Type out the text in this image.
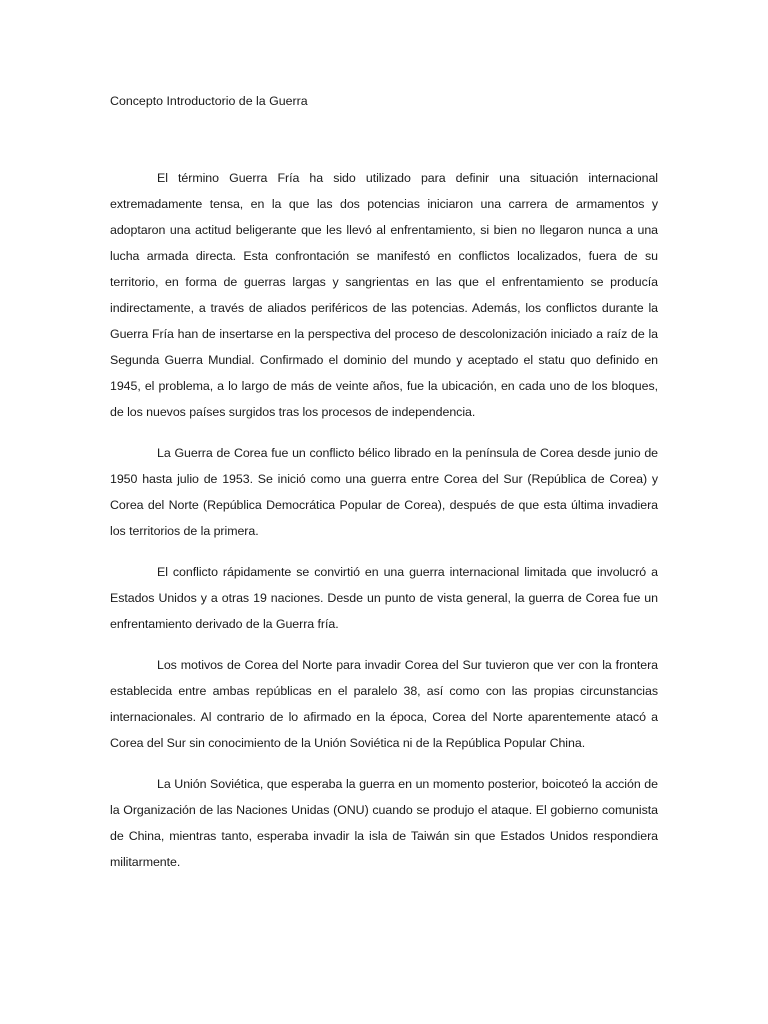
Concepto Introductorio de la Guerra

El término Guerra Fría ha sido utilizado para definir una situación internacional extremadamente tensa, en la que las dos potencias iniciaron una carrera de armamentos y adoptaron una actitud beligerante que les llevó al enfrentamiento, si bien no llegaron nunca a una lucha armada directa. Esta confrontación se manifestó en conflictos localizados, fuera de su territorio, en forma de guerras largas y sangrientas en las que el enfrentamiento se producía indirectamente, a través de aliados periféricos de las potencias. Además, los conflictos durante la Guerra Fría han de insertarse en la perspectiva del proceso de descolonización iniciado a raíz de la Segunda Guerra Mundial. Confirmado el dominio del mundo y aceptado el statu quo definido en 1945, el problema, a lo largo de más de veinte años, fue la ubicación, en cada uno de los bloques, de los nuevos países surgidos tras los procesos de independencia.

La Guerra de Corea fue un conflicto bélico librado en la península de Corea desde junio de 1950 hasta julio de 1953. Se inició como una guerra entre Corea del Sur (República de Corea) y Corea del Norte (República Democrática Popular de Corea), después de que esta última invadiera los territorios de la primera.

El conflicto rápidamente se convirtió en una guerra internacional limitada que involucró a Estados Unidos y a otras 19 naciones. Desde un punto de vista general, la guerra de Corea fue un enfrentamiento derivado de la Guerra fría.

Los motivos de Corea del Norte para invadir Corea del Sur tuvieron que ver con la frontera establecida entre ambas repúblicas en el paralelo 38, así como con las propias circunstancias internacionales. Al contrario de lo afirmado en la época, Corea del Norte aparentemente atacó a Corea del Sur sin conocimiento de la Unión Soviética ni de la República Popular China.

La Unión Soviética, que esperaba la guerra en un momento posterior, boicoteó la acción de la Organización de las Naciones Unidas (ONU) cuando se produjo el ataque. El gobierno comunista de China, mientras tanto, esperaba invadir la isla de Taiwán sin que Estados Unidos respondiera militarmente.
